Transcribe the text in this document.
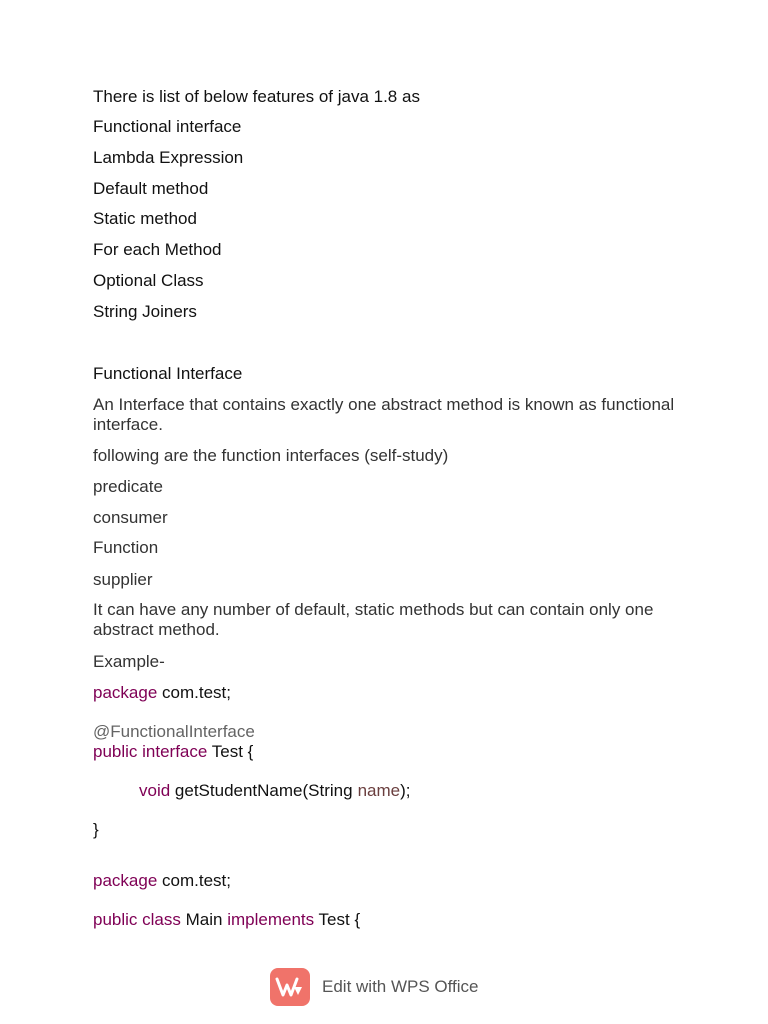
There is list of below features of java 1.8 as
Functional interface
Lambda Expression
Default method
Static method
For each Method
Optional Class
String Joiners
Functional Interface
An Interface that contains exactly one abstract method is known as functional interface.
following are the function interfaces (self-study)
predicate
consumer
Function
supplier
It can have any number of default, static methods but can contain only one abstract method.
Example-
package com.test;
@FunctionalInterface
public interface Test {
void getStudentName(String name);
}
package com.test;
public class Main implements Test {
Edit with WPS Office
